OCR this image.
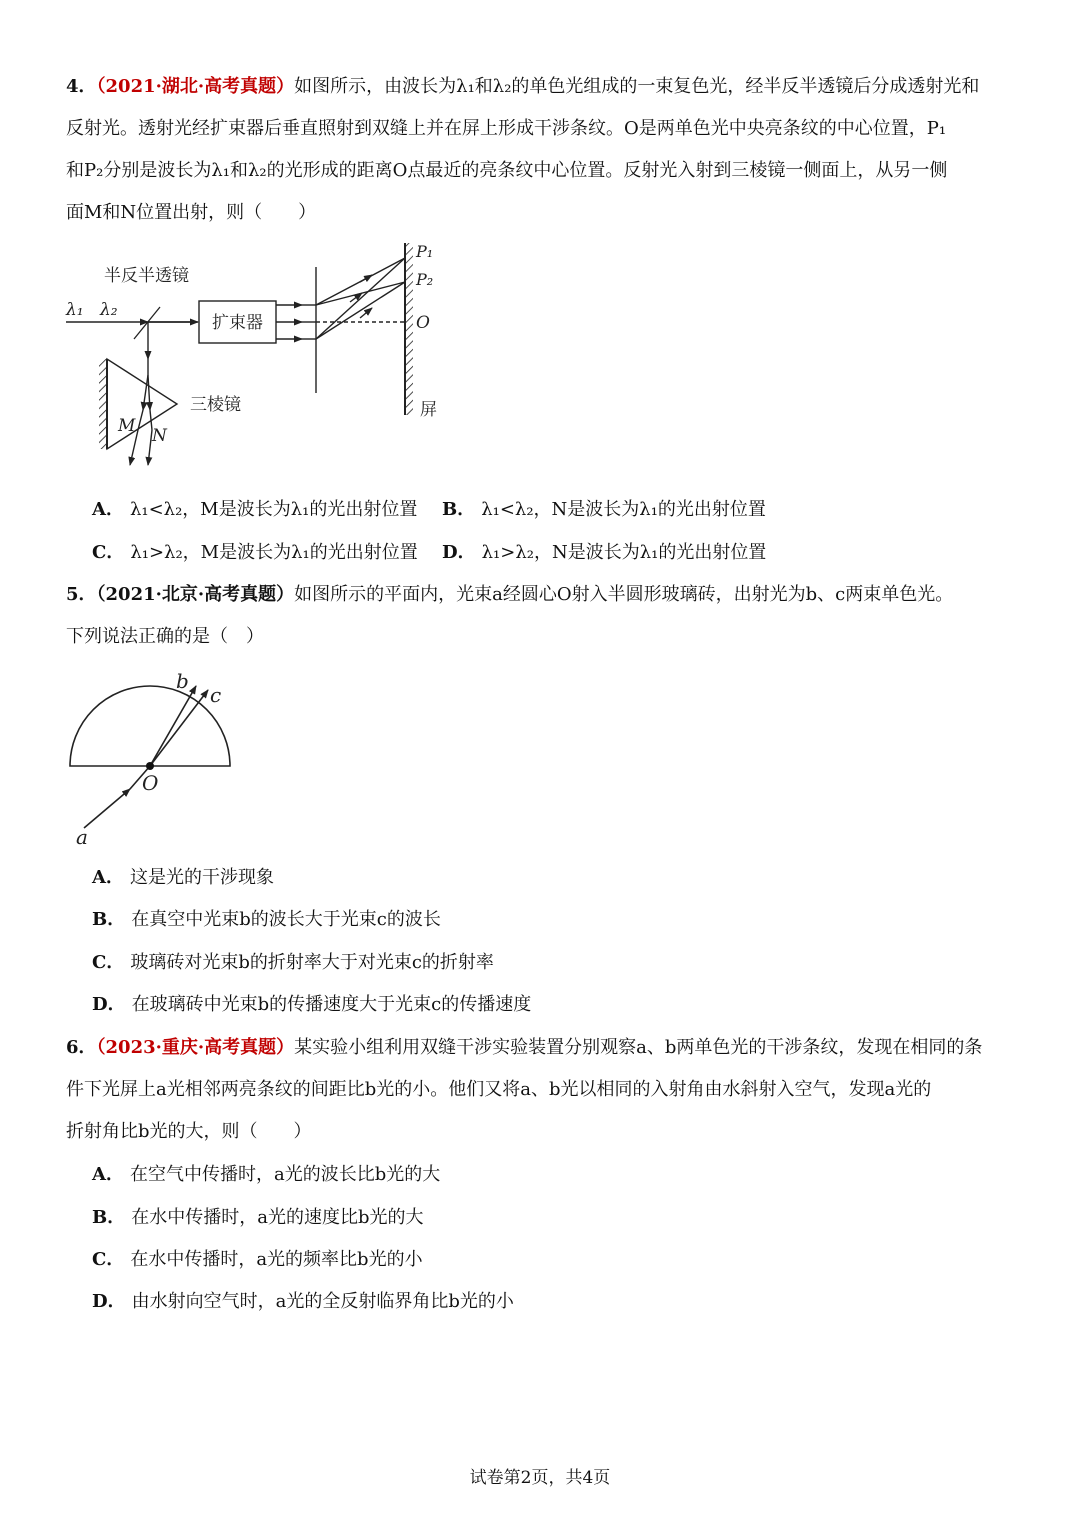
4．（2021·湖北·高考真题）如图所示，由波长为λ₁和λ₂的单色光组成的一束复色光，经半反半透镜后分成透射光和

反射光。透射光经扩束器后垂直照射到双缝上并在屏上形成干涉条纹。O是两单色光中央亮条纹的中心位置，P₁

和P₂分别是波长为λ₁和λ₂的光形成的距离O点最近的亮条纹中心位置。反射光入射到三棱镜一侧面上，从另一侧

面M和N位置出射，则（　　）

半反半透镜
λ₁ λ₂
扩束器
三棱镜	屏
P₁
P₂
O
M N
A． λ₁<λ₂，M是波长为λ₁的光出射位置 B． λ₁<λ₂，N是波长为λ₁的光出射位置
C． λ₁>λ₂，M是波长为λ₁的光出射位置 D． λ₁>λ₂，N是波长为λ₁的光出射位置

5．（2021·北京·高考真题）如图所示的平面内，光束a经圆心O射入半圆形玻璃砖，出射光为b、c两束单色光。

下列说法正确的是（　）

b
c
O
a
A． 这是光的干涉现象
B． 在真空中光束b的波长大于光束c的波长
C． 玻璃砖对光束b的折射率大于对光束c的折射率
D． 在玻璃砖中光束b的传播速度大于光束c的传播速度

6．（2023·重庆·高考真题）某实验小组利用双缝干涉实验装置分别观察a、b两单色光的干涉条纹，发现在相同的条

件下光屏上a光相邻两亮条纹的间距比b光的小。他们又将a、b光以相同的入射角由水斜射入空气，发现a光的

折射角比b光的大，则（　　）

A． 在空气中传播时，a光的波长比b光的大
B． 在水中传播时，a光的速度比b光的大
C． 在水中传播时，a光的频率比b光的小
D． 由水射向空气时，a光的全反射临界角比b光的小
试卷第2页，共4页
